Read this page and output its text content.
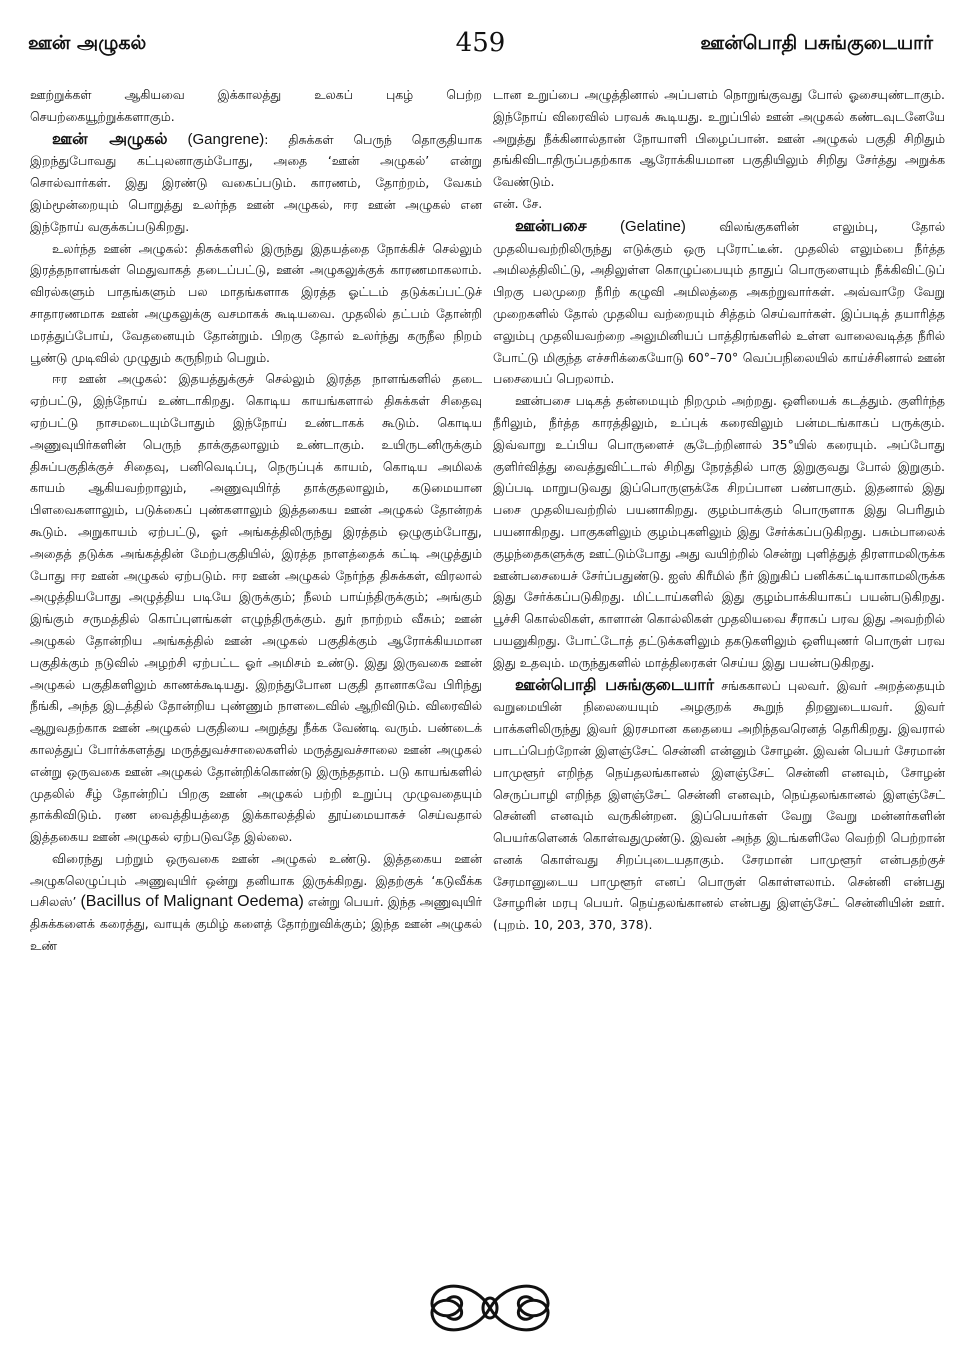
ஊன் அழுகல்	459	ஊன்பொதி பசுங்குடையார்

ஊற்றுக்கள் ஆகியவை இக்காலத்து உலகப் புகழ் பெற்ற செயற்கையூற்றுக்களாகும்.

ஊன் அழுகல் (Gangrene): திசுக்கள் பெருந் தொகுதியாக இறந்துபோவது கட்புலனாகும்போது, அதை ‘ஊன் அழுகல்’ என்று சொல்வார்கள். இது இரண்டு வகைப்படும். காரணம், தோற்றம், வேகம் இம்மூன்றையும் பொறுத்து உலர்ந்த ஊன் அழுகல், ஈர ஊன் அழுகல் என இந்நோய் வகுக்கப்படுகிறது.

உலர்ந்த ஊன் அழுகல்: திசுக்களில் இருந்து இதயத்தை நோக்கிச் செல்லும் இரத்தநாளங்கள் மெதுவாகத் தடைப்பட்டு, ஊன் அழுகலுக்குக் காரணமாகலாம். விரல்களும் பாதங்களும் பல மாதங்களாக இரத்த ஓட்டம் தடுக்கப்பட்டுச் சாதாரணமாக ஊன் அழுகலுக்கு வசமாகக் கூடியவை. முதலில் தட்பம் தோன்றி மரத்துப்போய், வேதனையும் தோன்றும். பிறகு தோல் உலர்ந்து கருநீல நிறம் பூண்டு முடிவில் முழுதும் கருநிறம் பெறும்.

ஈர ஊன் அழுகல்: இதயத்துக்குச் செல்லும் இரத்த நாளங்களில் தடை ஏற்பட்டு, இந்நோய் உண்டாகிறது. கொடிய காயங்களால் திசுக்கள் சிதைவு ஏற்பட்டு நாசமடையும்போதும் இந்நோய் உண்டாகக் கூடும். கொடிய அணுவுயிர்களின் பெருந் தாக்குதலாலும் உண்டாகும். உயிருடனிருக்கும் திசுப்பகுதிக்குச் சிதைவு, பனிவெடிப்பு, நெருப்புக் காயம், கொடிய அமிலக் காயம் ஆகியவற்றாலும், அணுவுயிர்த் தாக்குதலாலும், கடுமையான பிளவைகளாலும், படுக்கைப் புண்களாலும் இத்தகைய ஊன் அழுகல் தோன்றக் கூடும். அறுகாயம் ஏற்பட்டு, ஓர் அங்கத்திலிருந்து இரத்தம் ஒழுகும்போது, அதைத் தடுக்க அங்கத்தின் மேற்பகுதியில், இரத்த நாளத்தைக் கட்டி அழுத்தும் போது ஈர ஊன் அழுகல் ஏற்படும். ஈர ஊன் அழுகல் நேர்ந்த திசுக்கள், விரலால் அழுத்தியபோது அழுத்திய படியே இருக்கும்; நீலம் பாய்ந்திருக்கும்; அங்கும் இங்கும் சருமத்தில் கொப்புளங்கள் எழுந்திருக்கும். துர் நாற்றம் வீசும்; ஊன் அழுகல் தோன்றிய அங்கத்தில் ஊன் அழுகல் பகுதிக்கும் ஆரோக்கியமான பகுதிக்கும் நடுவில் அழற்சி ஏற்பட்ட ஓர் அமிசம் உண்டு. இது இருவகை ஊன் அழுகல் பகுதிகளிலும் காணக்கூடியது. இறந்துபோன பகுதி தானாகவே பிரிந்து நீங்கி, அந்த இடத்தில் தோன்றிய புண்ணும் நாளடைவில் ஆறிவிடும். விரைவில் ஆறுவதற்காக ஊன் அழுகல் பகுதியை அறுத்து நீக்க வேண்டி வரும். பண்டைக் காலத்துப் போர்க்களத்து மருத்துவச்சாலைகளில் மருத்துவச்சாலை ஊன் அழுகல் என்று ஒருவகை ஊன் அழுகல் தோன்றிக்கொண்டு இருந்ததாம். படு காயங்களில் முதலில் சீழ் தோன்றிப் பிறகு ஊன் அழுகல் பற்றி உறுப்பு முழுவதையும் தாக்கிவிடும். ரண வைத்தியத்தை இக்காலத்தில் தூய்மையாகச் செய்வதால் இத்தகைய ஊன் அழுகல் ஏற்படுவதே இல்லை.

விரைந்து பற்றும் ஒருவகை ஊன் அழுகல் உண்டு. இத்தகைய ஊன் அழுகலெழுப்பும் அணுவுயிர் ஒன்று தனியாக இருக்கிறது. இதற்குக் ‘கடுவீக்க பசிலஸ்’ (Bacillus of Malignant Oedema) என்று பெயர். இந்த அணுவுயிர் திசுக்களைக் கரைத்து, வாயுக் குமிழ் களைத் தோற்றுவிக்கும்; இந்த ஊன் அழுகல் உண்

டான உறுப்பை அழுத்தினால் அப்பளம் நொறுங்குவது போல் ஓசையுண்டாகும். இந்நோய் விரைவில் பரவக் கூடியது. உறுப்பில் ஊன் அழுகல் கண்டவுடனேயே அறுத்து நீக்கினால்தான் நோயாளி பிழைப்பான். ஊன் அழுகல் பகுதி சிறிதும் தங்கிவிடாதிருப்பதற்காக ஆரோக்கியமான பகுதியிலும் சிறிது சேர்த்து அறுக்க வேண்டும்.

என். சே.

ஊன்பசை (Gelatine) விலங்குகளின் எலும்பு, தோல் முதலியவற்றிலிருந்து எடுக்கும் ஒரு புரோட்டீன். முதலில் எலும்பை நீர்த்த அமிலத்திலிட்டு, அதிலுள்ள கொழுப்பையும் தாதுப் பொருளையும் நீக்கிவிட்டுப் பிறகு பலமுறை நீரிற் கழுவி அமிலத்தை அகற்றுவார்கள். அவ்வாறே வேறு முறைகளில் தோல் முதலிய வற்றையும் சித்தம் செய்வார்கள். இப்படித் தயாரித்த எலும்பு முதலியவற்றை அலுமினியப் பாத்திரங்களில் உள்ள வாலைவடித்த நீரில் போட்டு மிகுந்த எச்சரிக்கையோடு 60°–70° வெப்பநிலையில் காய்ச்சினால் ஊன் பசையைப் பெறலாம்.

ஊன்பசை படிகத் தன்மையும் நிறமும் அற்றது. ஒளியைக் கடத்தும். குளிர்ந்த நீரிலும், நீர்த்த காரத்திலும், உப்புக் கரைவிலும் பன்மடங்காகப் பருக்கும். இவ்வாறு உப்பிய பொருளைச் சூடேற்றினால் 35°யில் கரையும். அப்போது குளிர்வித்து வைத்துவிட்டால் சிறிது நேரத்தில் பாகு இறுகுவது போல் இறுகும். இப்படி மாறுபடுவது இப்பொருளுக்கே சிறப்பான பண்பாகும். இதனால் இது பசை முதலியவற்றில் பயனாகிறது. குழம்பாக்கும் பொருளாக இது பெரிதும் பயனாகிறது. பாகுகளிலும் குழம்புகளிலும் இது சேர்க்கப்படுகிறது. பசும்பாலைக் குழந்தைகளுக்கு ஊட்டும்போது அது வயிற்றில் சென்று புளித்துத் திரளாமலிருக்க ஊன்பசையைச் சேர்ப்பதுண்டு. ஐஸ் கிரீமில் நீர் இறுகிப் பனிக்கட்டியாகாமலிருக்க இது சேர்க்கப்படுகிறது. மிட்டாய்களில் இது குழம்பாக்கியாகப் பயன்படுகிறது. பூச்சி கொல்லிகள், காளான் கொல்லிகள் முதலியவை சீராகப் பரவ இது அவற்றில் பயனுகிறது. போட்டோத் தட்டுக்களிலும் தகடுகளிலும் ஒளியுணர் பொருள் பரவ இது உதவும். மருந்துகளில் மாத்திரைகள் செய்ய இது பயன்படுகிறது.

ஊன்பொதி பசுங்குடையார் சங்ககாலப் புலவர். இவர் அறத்தையும் வறுமையின் நிலையையும் அழகுறக் கூறுந் திறனுடையவர். இவர் பாக்களிலிருந்து இவர் இரசமான கதையை அறிந்தவரெனத் தெரிகிறது. இவரால் பாடப்பெற்றோன் இளஞ்சேட் சென்னி என்னும் சோழன். இவன் பெயர் சேரமான் பாமுளூர் எறிந்த நெய்தலங்கானல் இளஞ்சேட் சென்னி எனவும், சோழன் செருப்பாழி எறிந்த இளஞ்சேட் சென்னி எனவும், நெய்தலங்கானல் இளஞ்சேட் சென்னி எனவும் வருகின்றன. இப்பெயர்கள் வேறு வேறு மன்னர்களின் பெயர்களெனக் கொள்வதுமுண்டு. இவன் அந்த இடங்களிலே வெற்றி பெற்றான் எனக் கொள்வது சிறப்புடையதாகும். சேரமான் பாமுளூர் என்பதற்குச் சேரமானுடைய பாமுளூர் எனப் பொருள் கொள்ளலாம். சென்னி என்பது சோழரின் மரபு பெயர். நெய்தலங்கானல் என்பது இளஞ்சேட் சென்னியின் ஊர். (புறம். 10, 203, 370, 378).
